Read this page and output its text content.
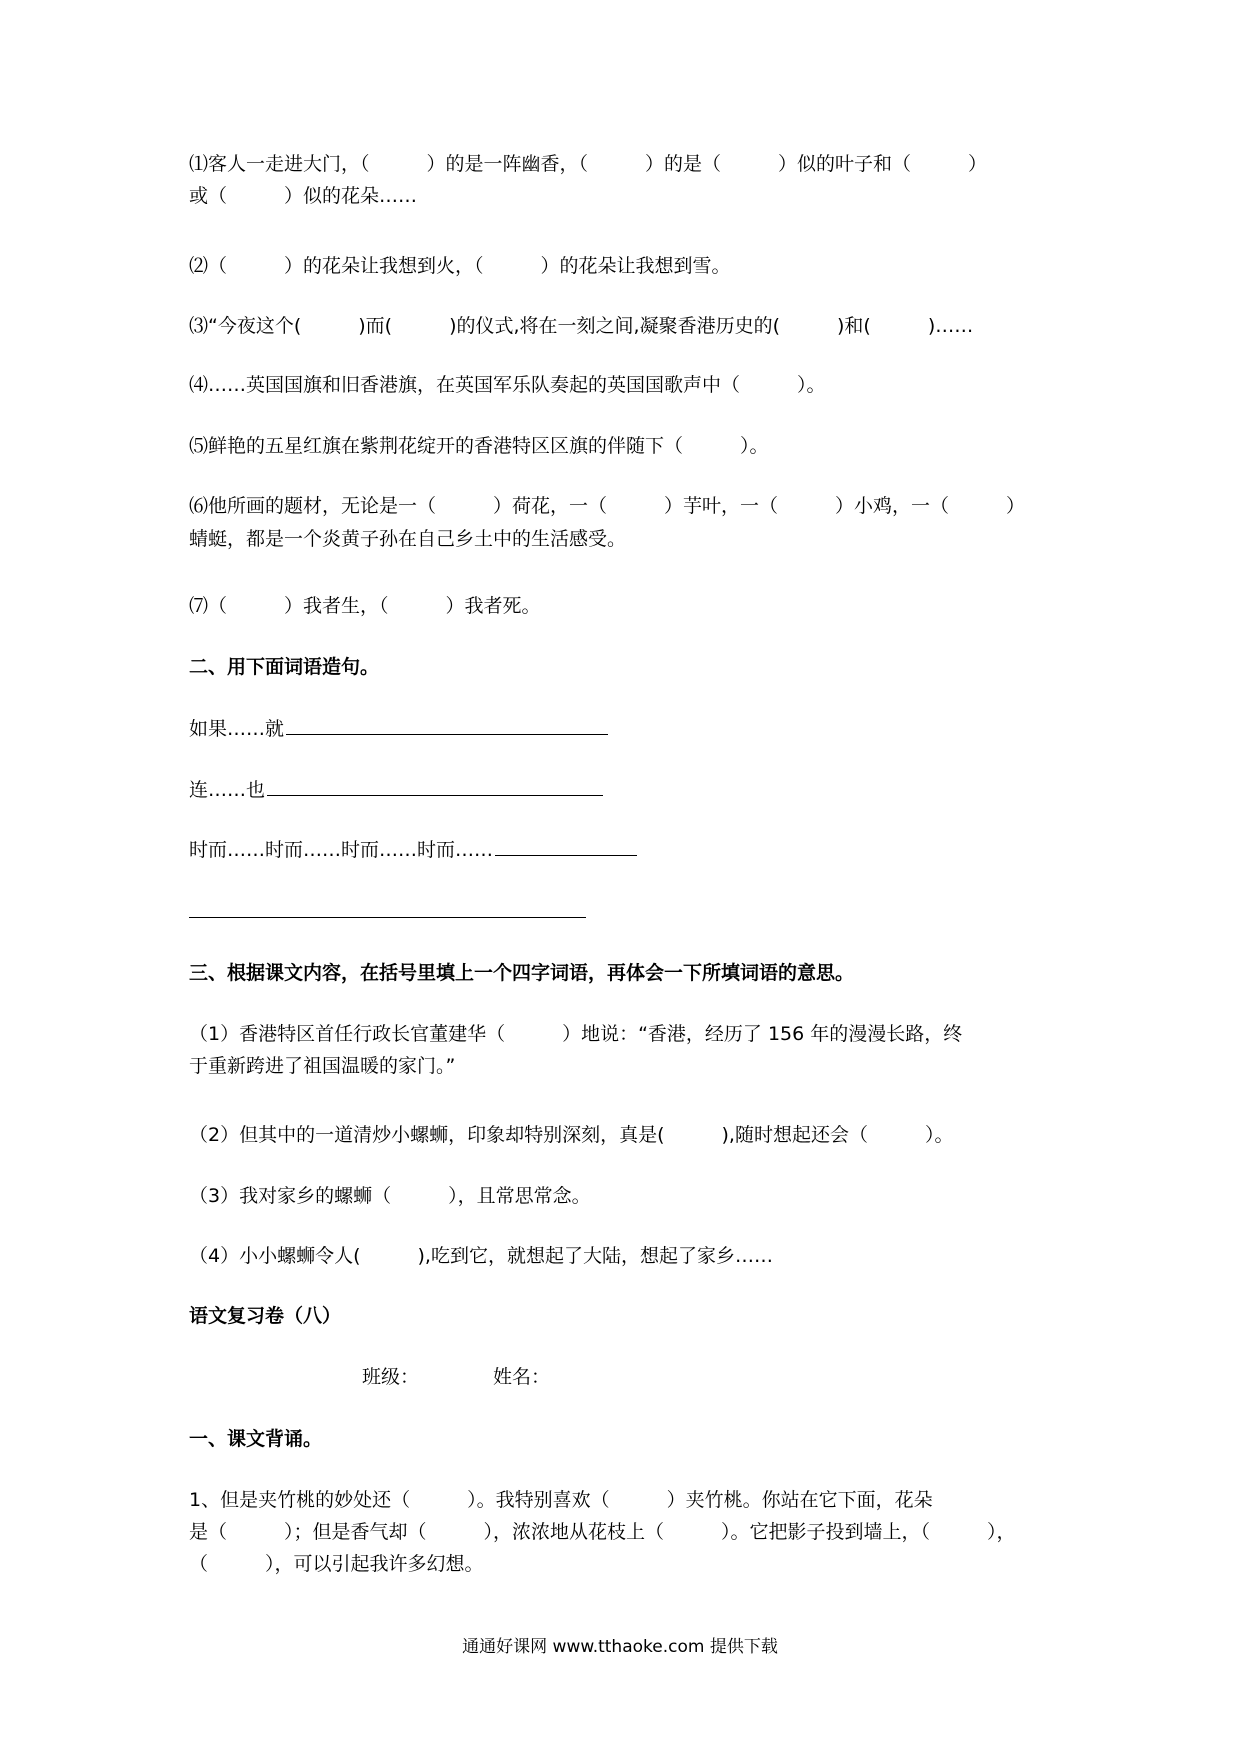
⑴客人一走进大门，（　　　）的是一阵幽香，（　　　）的是（　　　）似的叶子和（　　　）
或（　　　）似的花朵……
⑵（　　　）的花朵让我想到火，（　　　）的花朵让我想到雪。
⑶“今夜这个(　　　)而(　　　)的仪式,将在一刻之间,凝聚香港历史的(　　　)和(　　　)……
⑷……英国国旗和旧香港旗，在英国军乐队奏起的英国国歌声中（　　　）。
⑸鲜艳的五星红旗在紫荆花绽开的香港特区区旗的伴随下（　　　）。
⑹他所画的题材，无论是一（　　　）荷花，一（　　　）芋叶，一（　　　）小鸡，一（　　　）
蜻蜓，都是一个炎黄子孙在自己乡土中的生活感受。
⑺（　　　）我者生，（　　　）我者死。
二、用下面词语造句。
如果……就
连……也
时而……时而……时而……时而……
三、根据课文内容，在括号里填上一个四字词语，再体会一下所填词语的意思。
（1）香港特区首任行政长官董建华（　　　）地说：“香港，经历了 156 年的漫漫长路，终
于重新跨进了祖国温暖的家门。”
（2）但其中的一道清炒小螺蛳，印象却特别深刻，真是(　　　),随时想起还会（　　　）。
（3）我对家乡的螺蛳（　　　），且常思常念。
（4）小小螺蛳令人(　　　),吃到它，就想起了大陆，想起了家乡……
语文复习卷（八）
班级：	姓名：
一、课文背诵。
1、但是夹竹桃的妙处还（　　　）。我特别喜欢（　　　）夹竹桃。你站在它下面，花朵
是（　　　）；但是香气却（　　　），浓浓地从花枝上（　　　）。它把影子投到墙上，（　　　），
（　　　），可以引起我许多幻想。
通通好课网 www.tthaoke.com 提供下载
